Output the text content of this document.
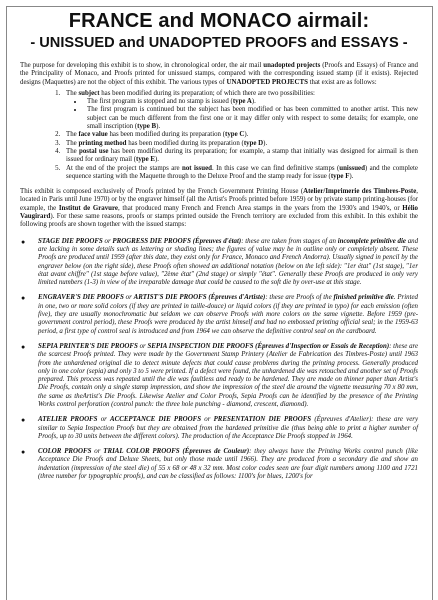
FRANCE and MONACO airmail:
- UNISSUED and UNADOPTED PROOFS and ESSAYS -

The purpose for developing this exhibit is to show, in chronological order, the air mail unadopted projects (Proofs and Essays) of France and the Principality of Monaco, and Proofs printed for unissued stamps, compared with the corresponding issued stamp (if it exists). Rejected designs (Maquettes) are not the object of this exhibit. The various types of UNADOPTED PROJECTS that exist are as follows:

1. The subject has been modified during its preparation; of which there are two possibilities:
• The first program is stopped and no stamp is issued (type A).
• The first program is continued but the subject has been modified or has been committed to another artist. This new subject can be much different from the first one or it may differ only with respect to some details; for example, one small inscription (type B).
2. The face value has been modified during its preparation (type C).
3. The printing method has been modified during its preparation (type D).
4. The postal use has been modified during its preparation; for example, a stamp that initially was designed for airmail is then issued for ordinary mail (type E).
5. At the end of the project the stamps are not issued. In this case we can find definitive stamps (unissued) and the complete sequence starting with the Maquette through to the Deluxe Proof and the stamp ready for issue (type F).

This exhibit is composed exclusively of Proofs printed by the French Government Printing House (Atelier/Imprimerie des Timbres-Poste, located in Paris until June 1970) or by the engraver himself (all the Artist's Proofs printed before 1959) or by private stamp printing-houses (for example, the Institut de Gravure, that produced many French and French Area stamps in the years from the 1930's and 1940's, or Hélio Vaugirard). For these same reasons, proofs or stamps printed outside the French territory are excluded from this exhibit. In this exhibit the following proofs are shown together with the issued stamps:

● STAGE DIE PROOFS or PROGRESS DIE PROOFS (Épreuves d'état): these are taken from stages of an incomplete primitive die and are lacking in some details such as lettering or shading lines; the figures of value may be in outline only or completely absent. These Proofs are produced until 1959 (after this date, they exist only for France, Monaco and French Andorra). Usually signed in pencil by the engraver below (on the right side), these Proofs often showed an additional notation (below on the left side): "1er état" (1st stage), "1er état avant chiffre" (1st stage before value), "2ème état" (2nd stage) or simply "état". Generally these Proofs are produced in only very limited numbers (1-3) in view of the irreparable damage that could be caused to the soft die by over-use at this stage.
● ENGRAVER'S DIE PROOFS or ARTIST'S DIE PROOFS (Épreuves d'Artiste): these are Proofs of the finished primitive die. Printed in one, two or more solid colors (if they are printed in taille-douce) or liquid colors (if they are printed in typo) for each emission (often five), they are usually monochromatic but seldom we can observe Proofs with more colors on the same vignette. Before 1959 (pre-government control period), these Proofs were produced by the artist himself and had no embossed printing official seal; in the 1959-63 period, a first type of control seal is introduced and from 1964 we can observe the definitive control seal on the cardboard.
● SEPIA PRINTER'S DIE PROOFS or SEPIA INSPECTION DIE PROOFS (Épreuves d'Inspection or Essais de Reception): these are the scarcest Proofs printed. They were made by the Government Stamp Printery (Atelier de Fabrication des Timbres-Poste) until 1963 from the unhardened original die to detect minute defects that could cause problems during the printing process. Generally produced only in one color (sepia) and only 3 to 5 were printed. If a defect were found, the unhardened die was retouched and another set of Proofs prepared. This process was repeated until the die was faultless and ready to be hardened. They are made on thinner paper than Artist's Die Proofs, contain only a single stamp impression, and show the impression of the steel die around the vignette measuring 70 x 80 mm, the same as theArtist's Die Proofs. Likewise Atelier and Color Proofs, Sepia Proofs can be identified by the presence of the Printing Works control perforation (control punch: the three hole punching - diamond, crescent, diamond).
● ATELIER PROOFS or ACCEPTANCE DIE PROOFS or PRESENTATION DIE PROOFS (Épreuves d'Atelier): these are very similar to Sepia Inspection Proofs but they are obtained from the hardened primitive die (thus being able to print a higher number of Proofs, up to 30 units between the different colors). The production of the Acceptance Die Proofs stopped in 1964.
● COLOR PROOFS or TRIAL COLOR PROOFS (Épreuves de Couleur): they always have the Printing Works control punch (like Acceptance Die Proofs and Deluxe Sheets, but only those made until 1966). They are produced from a secondary die and show an indentation (impression of the steel die) of 55 x 68 or 48 x 32 mm. Most color codes seen are four digit numbers among 1100 and 1721 (three number for typographic proofs), and can be classified as follows: 1100's for blues, 1200's for
